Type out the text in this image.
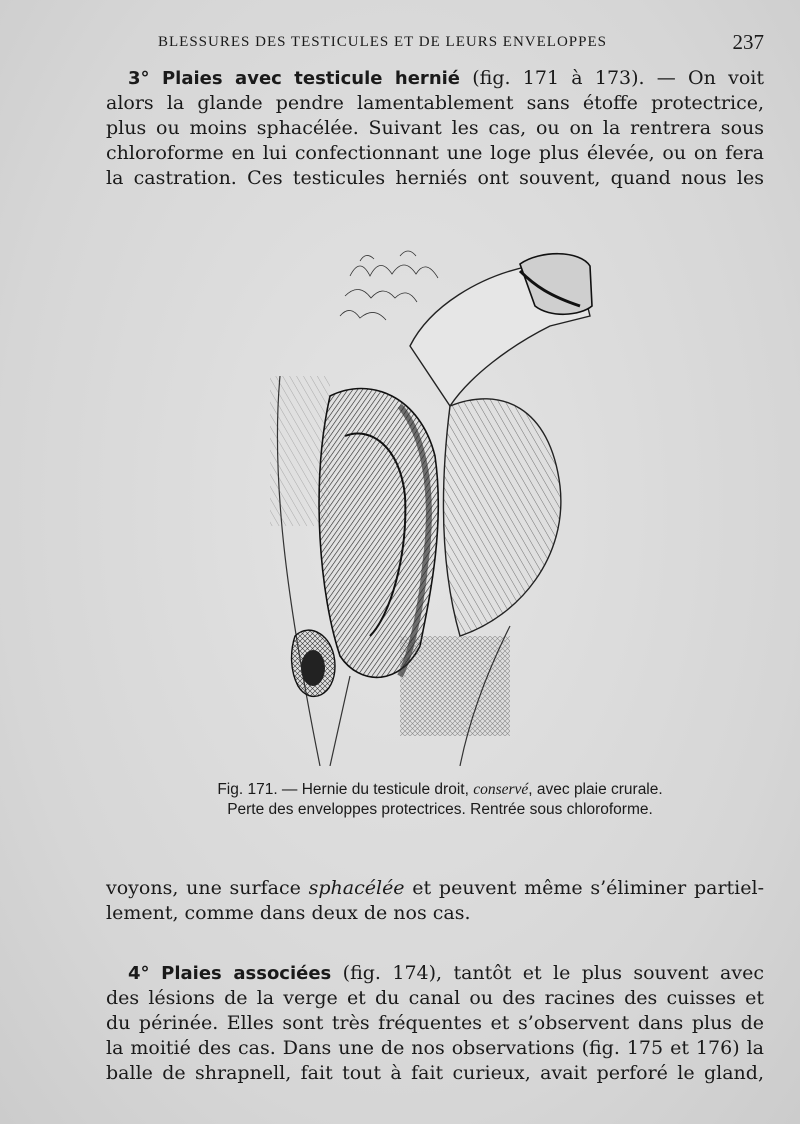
BLESSURES DES TESTICULES ET DE LEURS ENVELOPPES	237
3° Plaies avec testicule hernié (fig. 171 à 173). — On voit
alors la glande pendre lamentablement sans étoffe protectrice,
plus ou moins sphacélée. Suivant les cas, ou on la rentrera sous
chloroforme en lui confectionnant une loge plus élevée, ou on fera
la castration. Ces testicules herniés ont souvent, quand nous les
Fig. 171. — Hernie du testicule droit, conservé, avec plaie crurale.
Perte des enveloppes protectrices. Rentrée sous chloroforme.
voyons, une surface sphacélée et peuvent même s’éliminer partiel-
lement, comme dans deux de nos cas.
4° Plaies associées (fig. 174), tantôt et le plus souvent avec
des lésions de la verge et du canal ou des racines des cuisses et
du périnée. Elles sont très fréquentes et s’observent dans plus de
la moitié des cas. Dans une de nos observations (fig. 175 et 176) la
balle de shrapnell, fait tout à fait curieux, avait perforé le gland,
